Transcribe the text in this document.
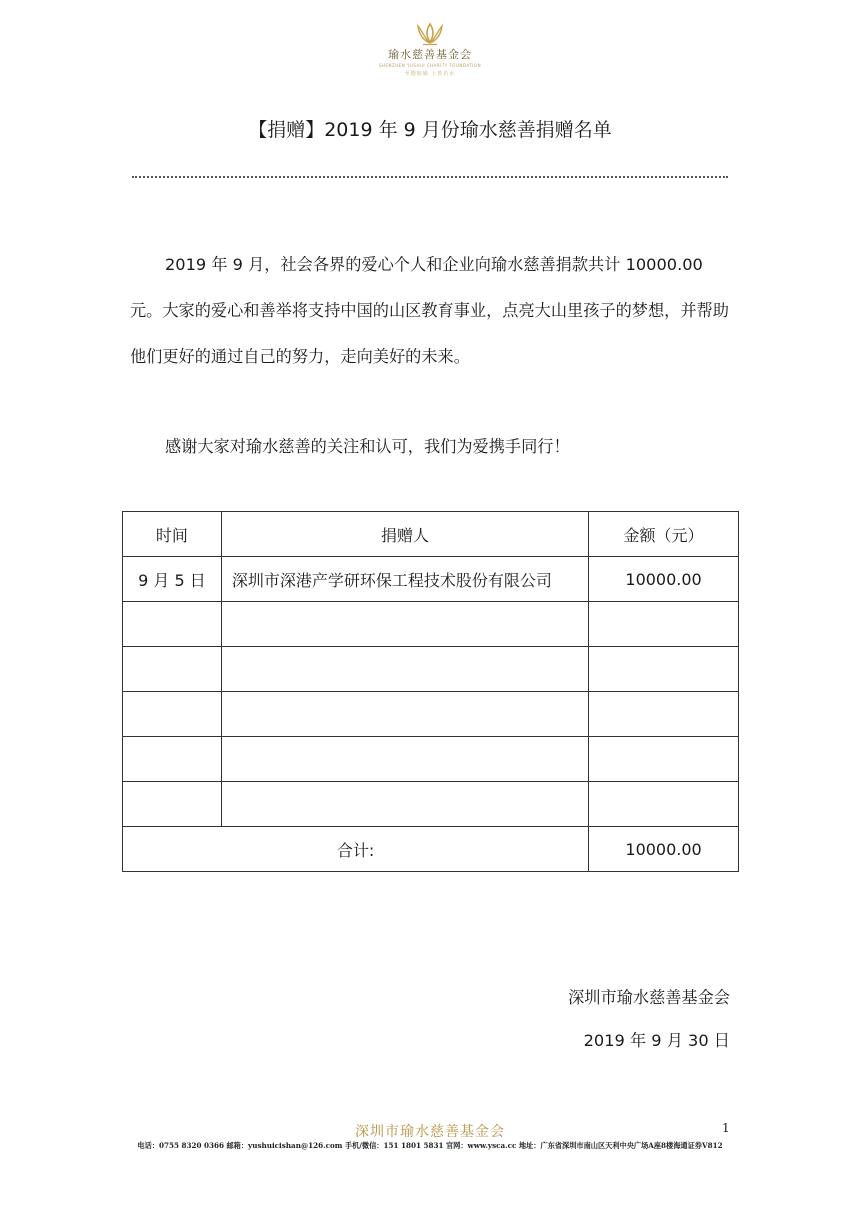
瑜水慈善基金会
SHENZHEN YUSHUI CHARITY FOUNDATION
至德如瑜 上善若水
【捐赠】2019 年 9 月份瑜水慈善捐赠名单
2019 年 9 月，社会各界的爱心个人和企业向瑜水慈善捐款共计 10000.00 元。大家的爱心和善举将支持中国的山区教育事业，点亮大山里孩子的梦想，并帮助他们更好的通过自己的努力，走向美好的未来。
感谢大家对瑜水慈善的关注和认可，我们为爱携手同行！
时间	捐赠人	金额（元）
9 月 5 日	深圳市深港产学研环保工程技术股份有限公司	10000.00

合计:		10000.00
深圳市瑜水慈善基金会
2019 年 9 月 30 日
深圳市瑜水慈善基金会	1
电话：0755 8320 0366 邮箱：yushuicishan@126.com 手机/微信：151 1801 5831 官网：www.ysca.cc 地址：广东省深圳市南山区天利中央广场A座8楼海通证券V812
